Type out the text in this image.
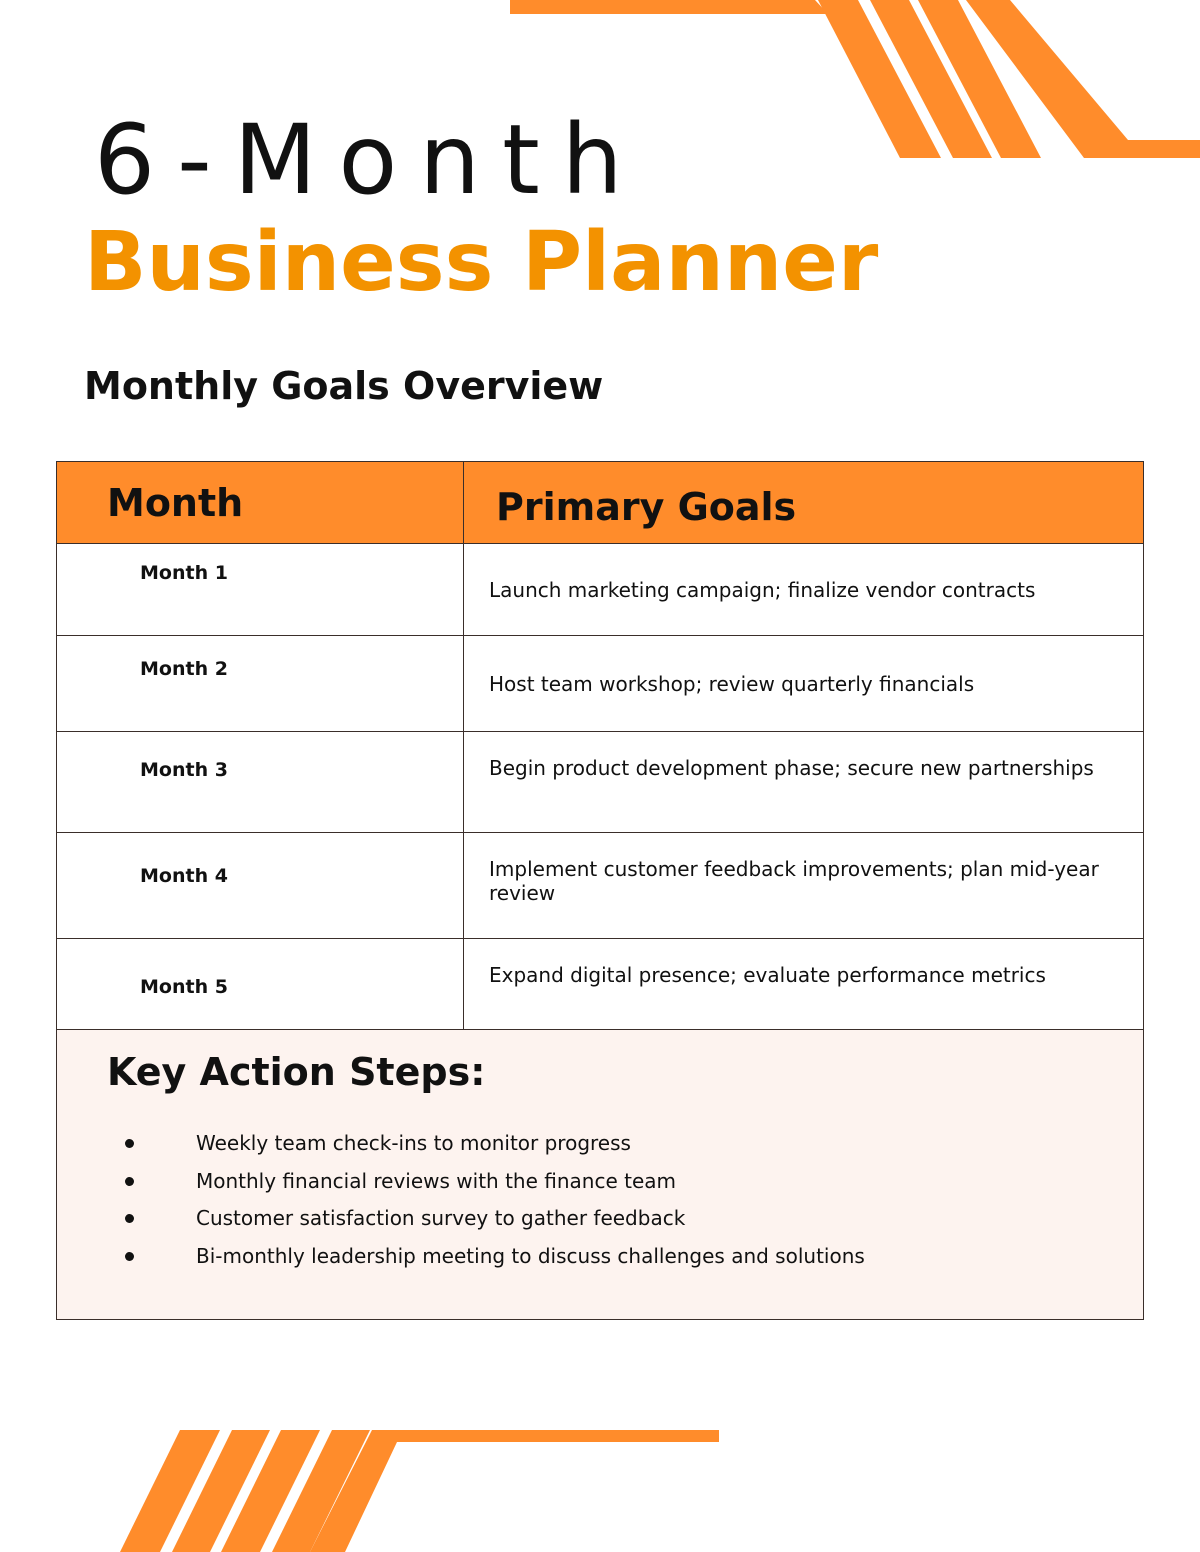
6-Month
Business Planner
Monthly Goals Overview
Month	Primary Goals
Month 1	Launch marketing campaign; finalize vendor contracts
Month 2	Host team workshop; review quarterly financials
Month 3	Begin product development phase; secure new partnerships
Month 4	Implement customer feedback improvements; plan mid-year review
Month 5	Expand digital presence; evaluate performance metrics

Key Action Steps:
Weekly team check-ins to monitor progress
Monthly financial reviews with the finance team
Customer satisfaction survey to gather feedback
Bi-monthly leadership meeting to discuss challenges and solutions
